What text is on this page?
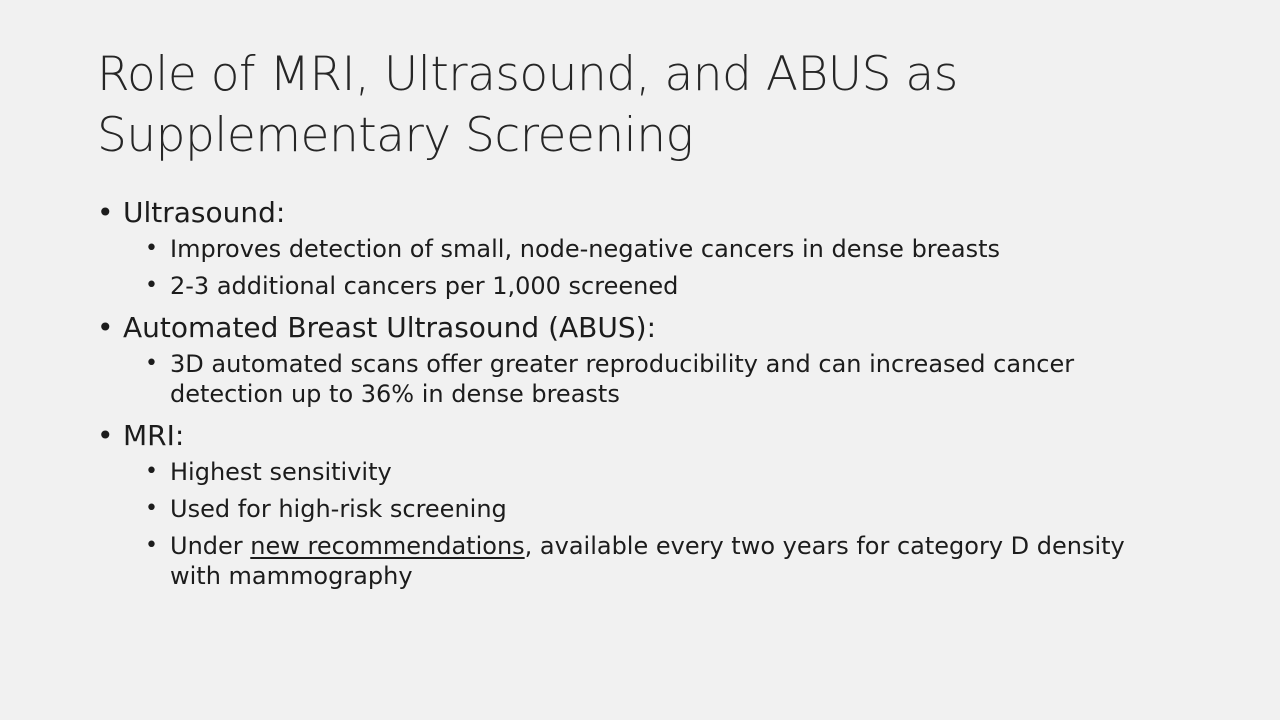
Role of MRI, Ultrasound, and ABUS as
Supplementary Screening
• Ultrasound:
• Improves detection of small, node-negative cancers in dense breasts
• 2-3 additional cancers per 1,000 screened
• Automated Breast Ultrasound (ABUS):
• 3D automated scans offer greater reproducibility and can increased cancer detection up to 36% in dense breasts
• MRI:
• Highest sensitivity
• Used for high-risk screening
• Under new recommendations, available every two years for category D density with mammography
